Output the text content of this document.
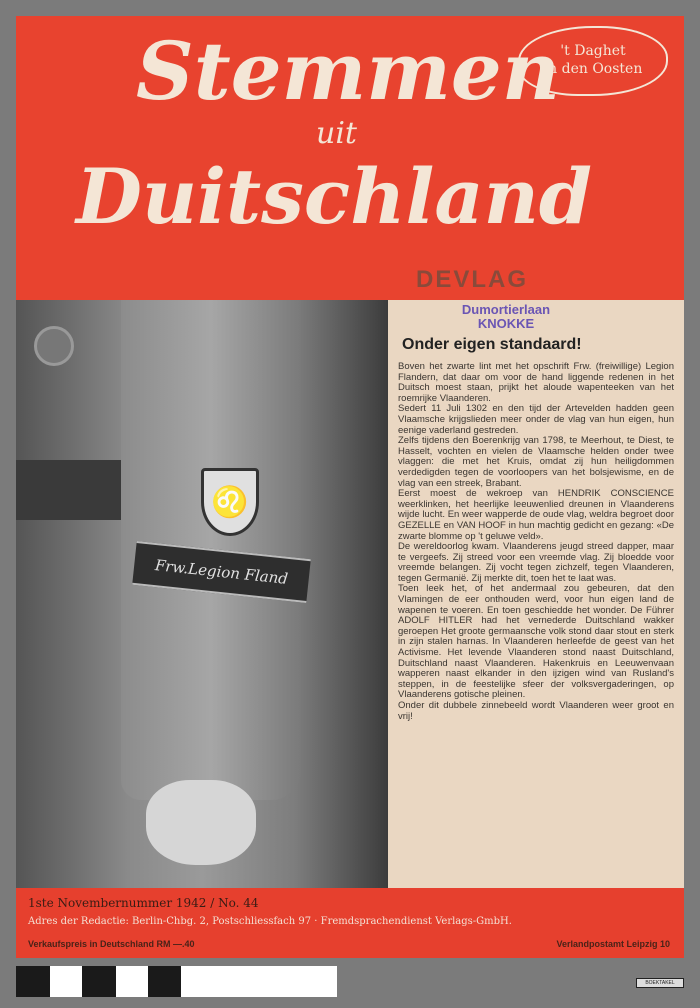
Stemmen
uit
Duitschland
't Daghet
in den Oosten
DEVLAG
♌
Frw.Legion Fland
Dumortierlaan
KNOKKE
Onder eigen standaard!

Boven het zwarte lint met het opschrift Frw. (freiwillige) Legion Flandern, dat daar om voor de hand liggende redenen in het Duitsch moest staan, prijkt het aloude wapenteeken van het roemrijke Vlaanderen.

Sedert 11 Juli 1302 en den tijd der Artevelden hadden geen Vlaamsche krijgslieden meer onder de vlag van hun eigen, hun eenige vaderland gestreden.

Zelfs tijdens den Boerenkrijg van 1798, te Meerhout, te Diest, te Hasselt, vochten en vielen de Vlaamsche helden onder twee vlaggen: die met het Kruis, omdat zij hun heiligdommen verdedigden tegen de voorloopers van het bolsjewisme, en de vlag van een streek, Brabant.

Eerst moest de wekroep van HENDRIK CONSCIENCE weerklinken, het heerlijke leeuwenlied dreunen in Vlaanderens wijde lucht. En weer wapperde de oude vlag, weldra begroet door GEZELLE en VAN HOOF in hun machtig gedicht en gezang: «De zwarte blomme op 't geluwe veld».

De wereldoorlog kwam. Vlaanderens jeugd streed dapper, maar te vergeefs. Zij streed voor een vreemde vlag. Zij bloedde voor vreemde belangen. Zij vocht tegen zichzelf, tegen Vlaanderen, tegen Germanië. Zij merkte dit, toen het te laat was.

Toen leek het, of het andermaal zou gebeuren, dat den Vlamingen de eer onthouden werd, voor hun eigen land de wapenen te voeren. En toen geschiedde het wonder. De Führer ADOLF HITLER had het vernederde Duitschland wakker geroepen Het groote germaansche volk stond daar stout en sterk in zijn stalen harnas. In Vlaanderen herleefde de geest van het Activisme. Het levende Vlaanderen stond naast Duitschland, Duitschland naast Vlaanderen. Hakenkruis en Leeuwenvaan wapperen naast elkander in den ijzigen wind van Rusland's steppen, in de feestelijke sfeer der volksvergaderingen, op Vlaanderens gotische pleinen.

Onder dit dubbele zinnebeeld wordt Vlaanderen weer groot en vrij!

1ste Novembernummer 1942 / No. 44
Adres der Redactie: Berlin-Chbg. 2, Postschliessfach 97 · Fremdsprachendienst Verlags-GmbH.
Verkaufspreis in Deutschland RM —.40	Verlandpostamt Leipzig 10
BOEKTAKEL
